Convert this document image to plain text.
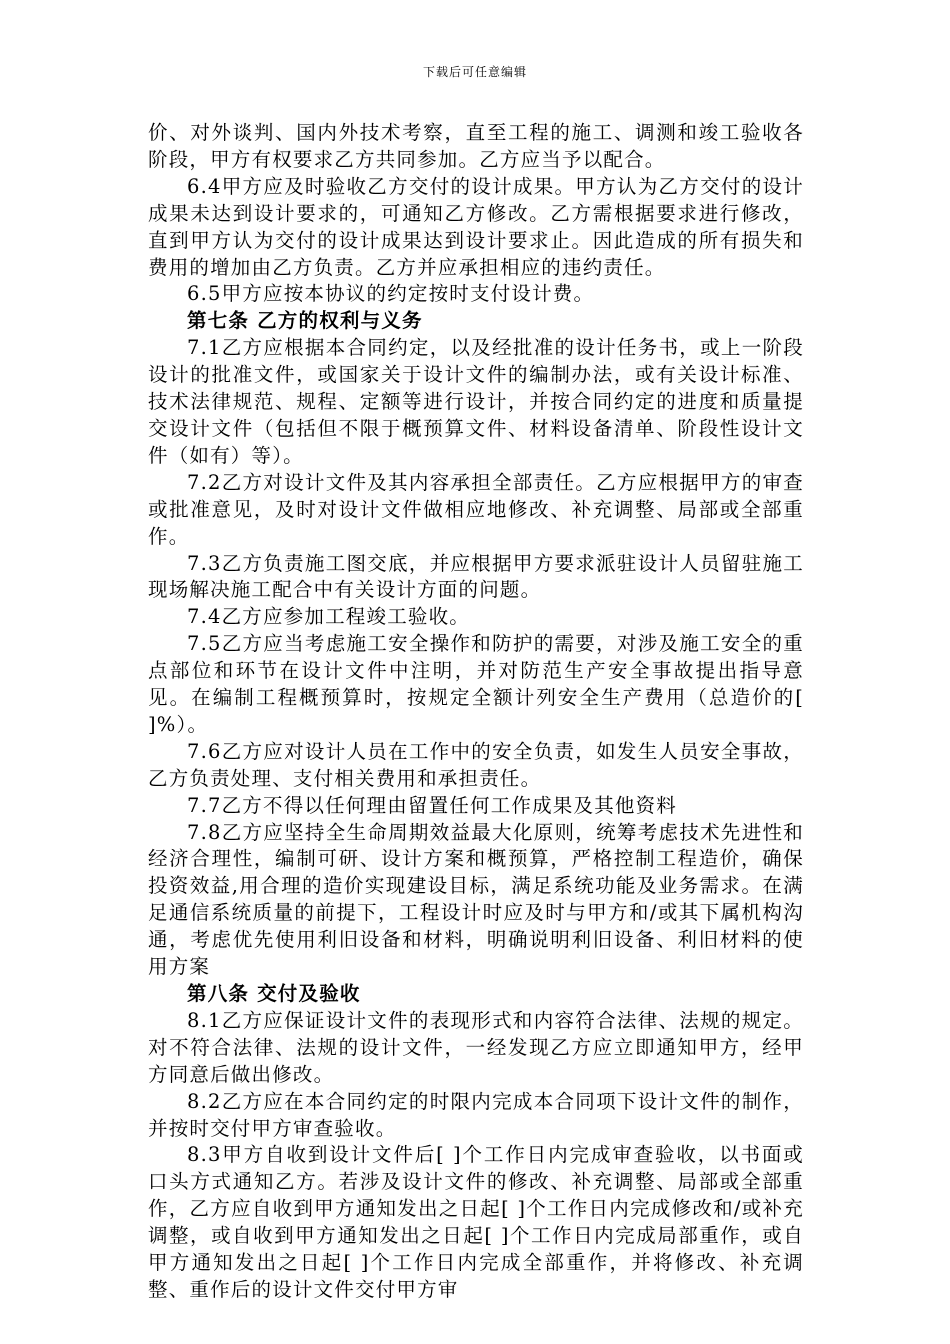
下载后可任意编辑

价、对外谈判、国内外技术考察，直至工程的施工、调测和竣工验收各阶段，甲方有权要求乙方共同参加。乙方应当予以配合。

6.4甲方应及时验收乙方交付的设计成果。甲方认为乙方交付的设计成果未达到设计要求的，可通知乙方修改。乙方需根据要求进行修改，直到甲方认为交付的设计成果达到设计要求止。因此造成的所有损失和费用的增加由乙方负责。乙方并应承担相应的违约责任。

6.5甲方应按本协议的约定按时支付设计费。

第七条 乙方的权利与义务

7.1乙方应根据本合同约定，以及经批准的设计任务书，或上一阶段设计的批准文件，或国家关于设计文件的编制办法，或有关设计标准、技术法律规范、规程、定额等进行设计，并按合同约定的进度和质量提交设计文件（包括但不限于概预算文件、材料设备清单、阶段性设计文件（如有）等）。

7.2乙方对设计文件及其内容承担全部责任。乙方应根据甲方的审查或批准意见，及时对设计文件做相应地修改、补充调整、局部或全部重作。

7.3乙方负责施工图交底，并应根据甲方要求派驻设计人员留驻施工现场解决施工配合中有关设计方面的问题。

7.4乙方应参加工程竣工验收。

7.5乙方应当考虑施工安全操作和防护的需要，对涉及施工安全的重点部位和环节在设计文件中注明，并对防范生产安全事故提出指导意见。在编制工程概预算时，按规定全额计列安全生产费用（总造价的[ ]%）。

7.6乙方应对设计人员在工作中的安全负责，如发生人员安全事故，乙方负责处理、支付相关费用和承担责任。

7.7乙方不得以任何理由留置任何工作成果及其他资料

7.8乙方应坚持全生命周期效益最大化原则，统筹考虑技术先进性和经济合理性，编制可研、设计方案和概预算，严格控制工程造价，确保投资效益,用合理的造价实现建设目标，满足系统功能及业务需求。在满足通信系统质量的前提下，工程设计时应及时与甲方和/或其下属机构沟通，考虑优先使用利旧设备和材料，明确说明利旧设备、利旧材料的使用方案

第八条 交付及验收

8.1乙方应保证设计文件的表现形式和内容符合法律、法规的规定。对不符合法律、法规的设计文件，一经发现乙方应立即通知甲方，经甲方同意后做出修改。

8.2乙方应在本合同约定的时限内完成本合同项下设计文件的制作，并按时交付甲方审查验收。

8.3甲方自收到设计文件后[ ]个工作日内完成审查验收，以书面或口头方式通知乙方。若涉及设计文件的修改、补充调整、局部或全部重作，乙方应自收到甲方通知发出之日起[ ]个工作日内完成修改和/或补充调整，或自收到甲方通知发出之日起[ ]个工作日内完成局部重作，或自甲方通知发出之日起[ ]个工作日内完成全部重作，并将修改、补充调整、重作后的设计文件交付甲方审
